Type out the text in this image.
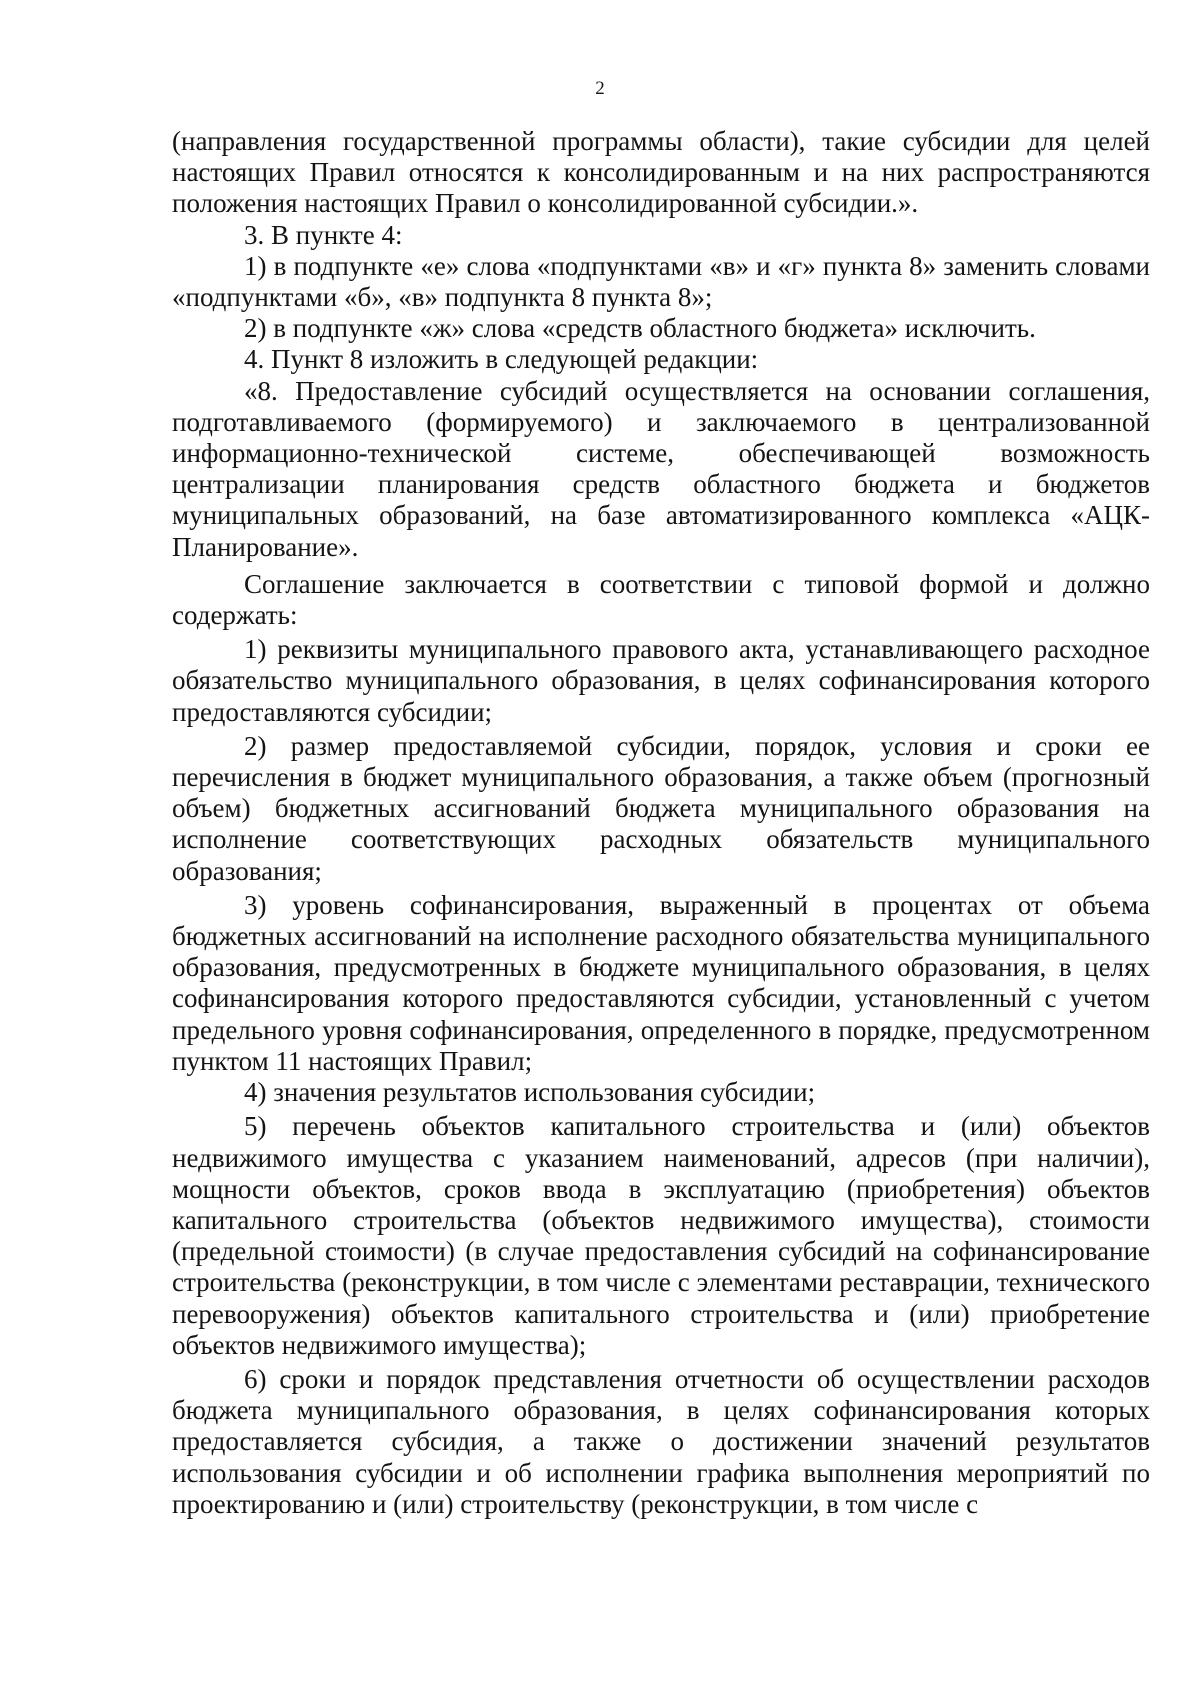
2

(направления государственной программы области), такие субсидии для целей настоящих Правил относятся к консолидированным и на них распространяются положения настоящих Правил о консолидированной субсидии.».

3. В пункте 4:

1) в подпункте «е» слова «подпунктами «в» и «г» пункта 8» заменить словами «подпунктами «б», «в» подпункта 8 пункта 8»;

2) в подпункте «ж» слова «средств областного бюджета» исключить.

4. Пункт 8 изложить в следующей редакции:

«8. Предоставление субсидий осуществляется на основании соглашения, подготавливаемого (формируемого) и заключаемого в централизованной информационно-технической системе, обеспечивающей возможность централизации планирования средств областного бюджета и бюджетов муниципальных образований, на базе автоматизированного комплекса «АЦК-Планирование».

Соглашение заключается в соответствии с типовой формой и должно содержать:

1) реквизиты муниципального правового акта, устанавливающего расходное обязательство муниципального образования, в целях софинансирования которого предоставляются субсидии;

2) размер предоставляемой субсидии, порядок, условия и сроки ее перечисления в бюджет муниципального образования, а также объем (прогнозный объем) бюджетных ассигнований бюджета муниципального образования на исполнение соответствующих расходных обязательств муниципального образования;

3) уровень софинансирования, выраженный в процентах от объема бюджетных ассигнований на исполнение расходного обязательства муниципального образования, предусмотренных в бюджете муниципального образования, в целях софинансирования которого предоставляются субсидии, установленный с учетом предельного уровня софинансирования, определенного в порядке, предусмотренном пунктом 11 настоящих Правил;

4) значения результатов использования субсидии;

5) перечень объектов капитального строительства и (или) объектов недвижимого имущества с указанием наименований, адресов (при наличии), мощности объектов, сроков ввода в эксплуатацию (приобретения) объектов капитального строительства (объектов недвижимого имущества), стоимости (предельной стоимости) (в случае предоставления субсидий на софинансирование строительства (реконструкции, в том числе с элементами реставрации, технического перевооружения) объектов капитального строительства и (или) приобретение объектов недвижимого имущества);

6) сроки и порядок представления отчетности об осуществлении расходов бюджета муниципального образования, в целях софинансирования которых предоставляется субсидия, а также о достижении значений результатов использования субсидии и об исполнении графика выполнения мероприятий по проектированию и (или) строительству (реконструкции, в том числе с
